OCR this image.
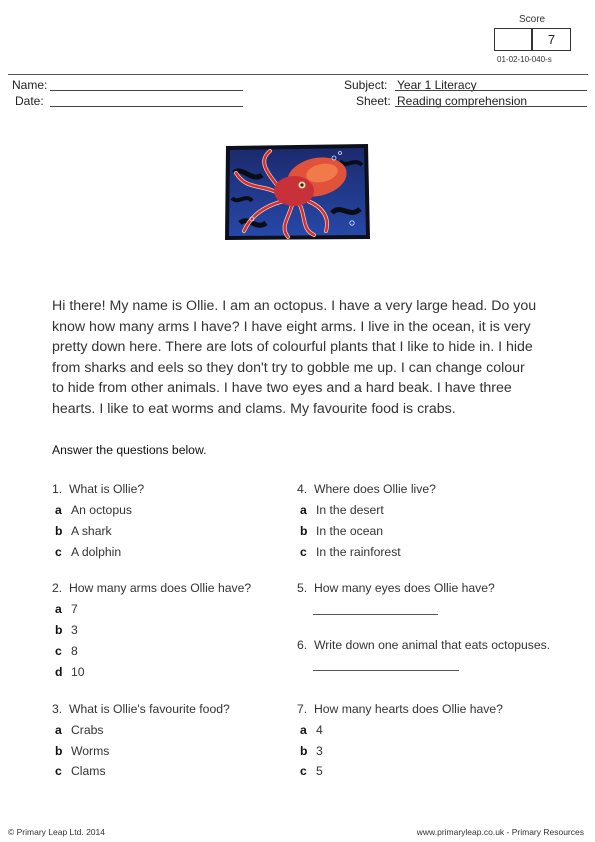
Score
7
01-02-10-040-s
Name:
Date:
Subject: Year 1 Literacy
Sheet: Reading comprehension
Hi there! My name is Ollie. I am an octopus. I have a very large head. Do you
know how many arms I have? I have eight arms. I live in the ocean, it is very
pretty down here. There are lots of colourful plants that I like to hide in. I hide
from sharks and eels so they don't try to gobble me up. I can change colour
to hide from other animals. I have two eyes and a hard beak. I have three
hearts. I like to eat worms and clams. My favourite food is crabs.
Answer the questions below.
1. What is Ollie?
a An octopus
b A shark
c A dolphin
2. How many arms does Ollie have?
a 7
b 3
c 8
d 10
3. What is Ollie's favourite food?
a Crabs
b Worms
c Clams
4. Where does Ollie live?
a In the desert
b In the ocean
c In the rainforest
5. How many eyes does Ollie have?
6. Write down one animal that eats octopuses.
7. How many hearts does Ollie have?
a 4
b 3
c 5
© Primary Leap Ltd. 2014	www.primaryleap.co.uk - Primary Resources
